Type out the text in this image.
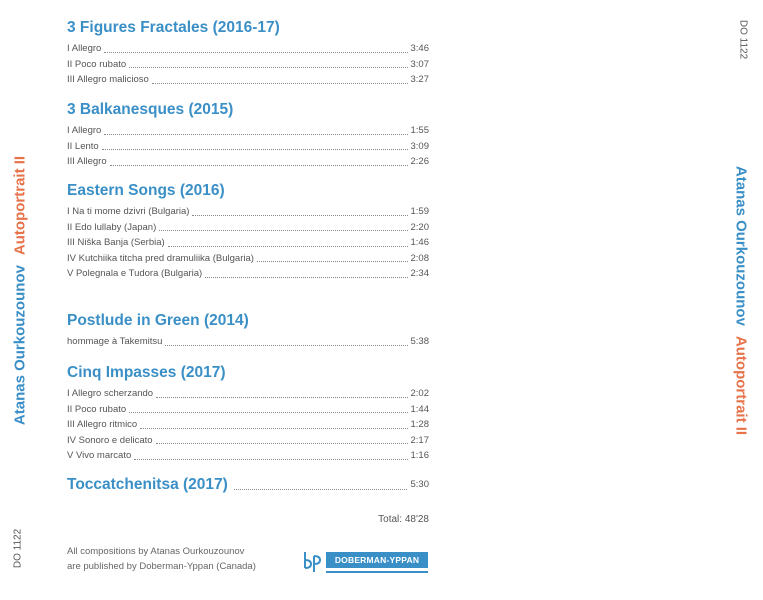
Atanas OurkouzounovAutoportrait II
DO 1122
DO 1122
Atanas OurkouzounovAutoportrait II
3 Figures Fractales (2016-17)
I Allegro	3:46
II Poco rubato	3:07
III Allegro malicioso	3:27
3 Balkanesques (2015)
I Allegro	1:55
II Lento	3:09
III Allegro	2:26
Eastern Songs (2016)
I Na ti mome dzivri (Bulgaria)	1:59
II Edo lullaby (Japan)	2:20
III Niška Banja (Serbia)	1:46
IV Kutchiika titcha pred dramuliika (Bulgaria)	2:08
V Polegnala e Tudora (Bulgaria)	2:34
Postlude in Green (2014)
hommage à Takemitsu	5:38
Cinq Impasses (2017)
I Allegro scherzando	2:02
II Poco rubato	1:44
III Allegro ritmico	1:28
IV Sonoro e delicato	2:17
V Vivo marcato	1:16
Toccatchenitsa (2017)	5:30
Total: 48'28
All compositions by Atanas Ourkouzounov
are published by Doberman-Yppan (Canada)
DOBERMAN-YPPAN
